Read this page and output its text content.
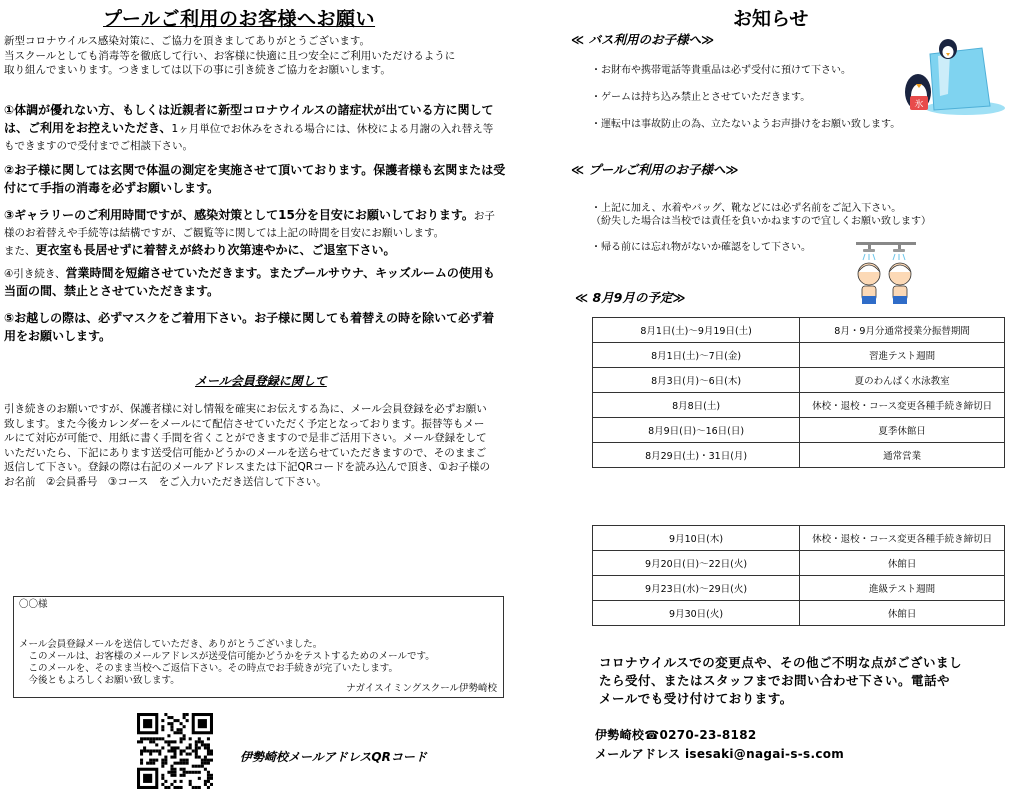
プールご利用のお客様へお願い
新型コロナウイルス感染対策に、ご協力を頂きましてありがとうございます。
当スクールとしても消毒等を徹底して行い、お客様に快適に且つ安全にご利用いただけるように
取り組んでまいります。つきましては以下の事に引き続きご協力をお願いします。
①体調が優れない方、もしくは近親者に新型コロナウイルスの諸症状が出ている方に関して
は、ご利用をお控えいただき、1ヶ月単位でお休みをされる場合には、休校による月謝の入れ替え等
もできますので受付までご相談下さい。
②お子様に関しては玄関で体温の測定を実施させて頂いております。保護者様も玄関または受
付にて手指の消毒を必ずお願いします。
③ギャラリーのご利用時間ですが、感染対策として15分を目安にお願いしております。お子
様のお着替えや手続等は結構ですが、ご観覧等に関しては上記の時間を目安にお願いします。
また、更衣室も長居せずに着替えが終わり次第速やかに、ご退室下さい。
④引き続き、営業時間を短縮させていただきます。またプールサウナ、キッズルームの使用も
当面の間、禁止とさせていただきます。
⑤お越しの際は、必ずマスクをご着用下さい。お子様に関しても着替えの時を除いて必ず着
用をお願いします。
メール会員登録に関して
引き続きのお願いですが、保護者様に対し情報を確実にお伝えする為に、メール会員登録を必ずお願い
致します。また今後カレンダーをメールにて配信させていただく予定となっております。振替等もメー
ルにて対応が可能で、用紙に書く手間を省くことができますので是非ご活用下さい。メール登録をして
いただいたら、下記にあります送受信可能かどうかのメールを送らせていただきますので、そのままご
返信して下さい。登録の際は右記のメールアドレスまたは下記QRコードを読み込んで頂き、①お子様の
お名前　②会員番号　③コース　をご入力いただき送信して下さい。
〇〇様
メール会員登録メールを送信していただき、ありがとうございました。
　このメールは、お客様のメールアドレスが送受信可能かどうかをテストするためのメールです。
　このメールを、そのまま当校へご返信下さい。その時点でお手続きが完了いたします。
　今後ともよろしくお願い致します。
ナガイスイミングスクール伊勢崎校
伊勢崎校メールアドレスQRコード
お知らせ
氷
≪ バス利用のお子様へ≫
・お財布や携帯電話等貴重品は必ず受付に預けて下さい。
・ゲームは持ち込み禁止とさせていただきます。
・運転中は事故防止の為、立たないようお声掛けをお願い致します。
≪ プールご利用のお子様へ≫
・上記に加え、水着やバッグ、靴などには必ず名前をご記入下さい。
（紛失した場合は当校では責任を負いかねますので宜しくお願い致します）
・帰る前には忘れ物がないか確認をして下さい。
≪ 8月9月の予定≫
8月1日(土)～9月19日(土)	8月・9月分通常授業分振替期間
8月1日(土)～7日(金)	習進テスト週間
8月3日(月)～6日(木)	夏のわんぱく水泳教室
8月8日(土)	休校・退校・コース変更各種手続き締切日
8月9日(日)～16日(日)	夏季休館日
8月29日(土)・31日(月)	通常営業
9月10日(木)	休校・退校・コース変更各種手続き締切日
9月20日(日)～22日(火)	休館日
9月23日(水)～29日(火)	進級テスト週間
9月30日(火)	休館日
コロナウイルスでの変更点や、その他ご不明な点がございまし
たら受付、またはスタッフまでお問い合わせ下さい。電話や
メールでも受け付けております。
伊勢崎校☎0270-23-8182
メールアドレス isesaki@nagai-s-s.com
